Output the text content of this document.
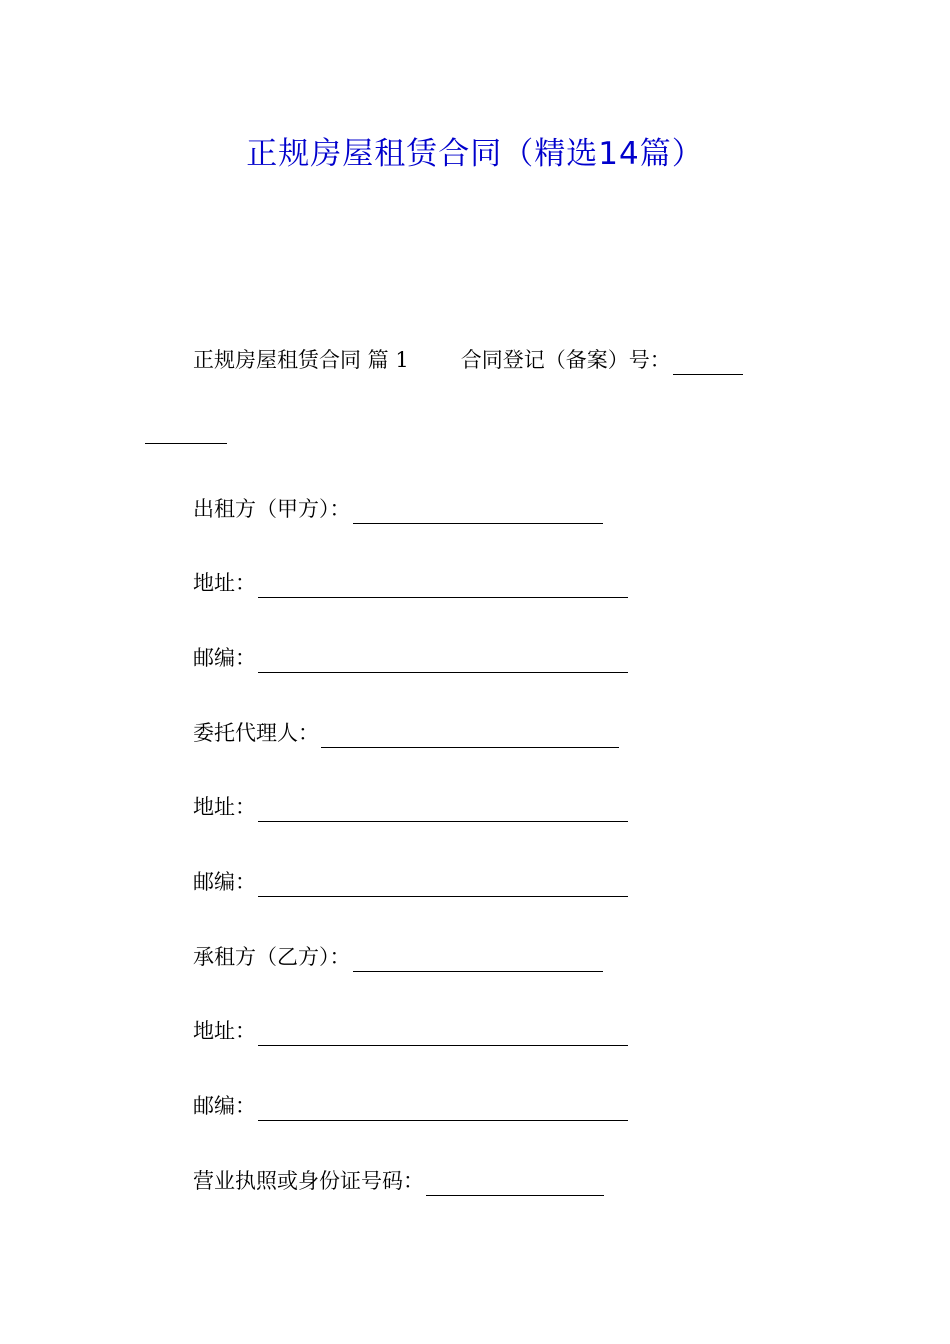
正规房屋租赁合同（精选14篇）
正规房屋租赁合同 篇 1 合同登记（备案）号：
出租方（甲方）：
地址：
邮编：
委托代理人：
地址：
邮编：
承租方（乙方）：
地址：
邮编：
营业执照或身份证号码：
